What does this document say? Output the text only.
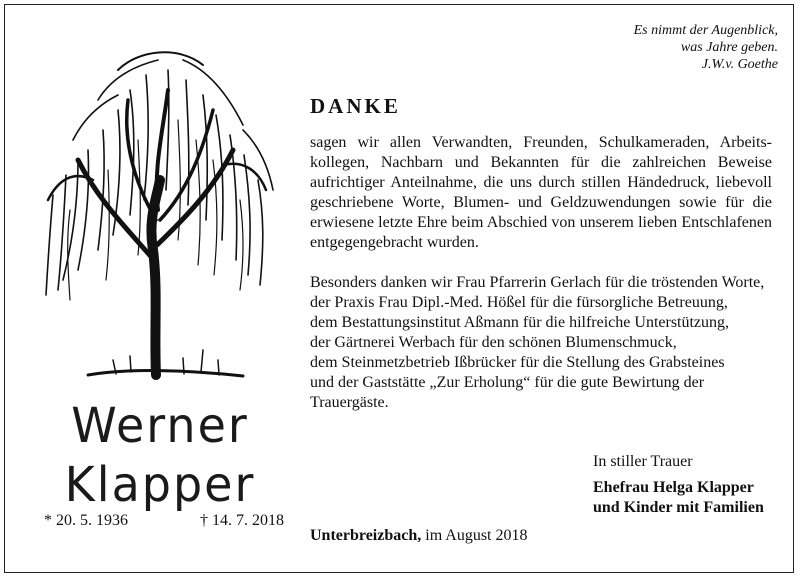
Es nimmt der Augenblick,
was Jahre geben.
J.W.v. Goethe
DANKE
sagen wir allen Verwandten, Freunden, Schulkameraden, Arbeits- kollegen, Nachbarn und Bekannten für die zahlreichen Beweise aufrichtiger Anteilnahme, die uns durch stillen Händedruck, liebevoll geschriebene Worte, Blumen- und Geldzuwendungen sowie für die erwiesene letzte Ehre beim Abschied von unserem lieben Entschlafenen entgegengebracht wurden.
Besonders danken wir Frau Pfarrerin Gerlach für die tröstenden Worte,
der Praxis Frau Dipl.-Med. Hößel für die fürsorgliche Betreuung,
dem Bestattungsinstitut Aßmann für die hilfreiche Unterstützung,
der Gärtnerei Werbach für den schönen Blumenschmuck,
dem Steinmetzbetrieb Ißbrücker für die Stellung des Grabsteines
und der Gaststätte „Zur Erholung“ für die gute Bewirtung der Trauergäste.
Werner
Klapper
* 20. 5. 1936	† 14. 7. 2018
In stiller Trauer
Ehefrau Helga Klapper
und Kinder mit Familien
Unterbreizbach, im August 2018
